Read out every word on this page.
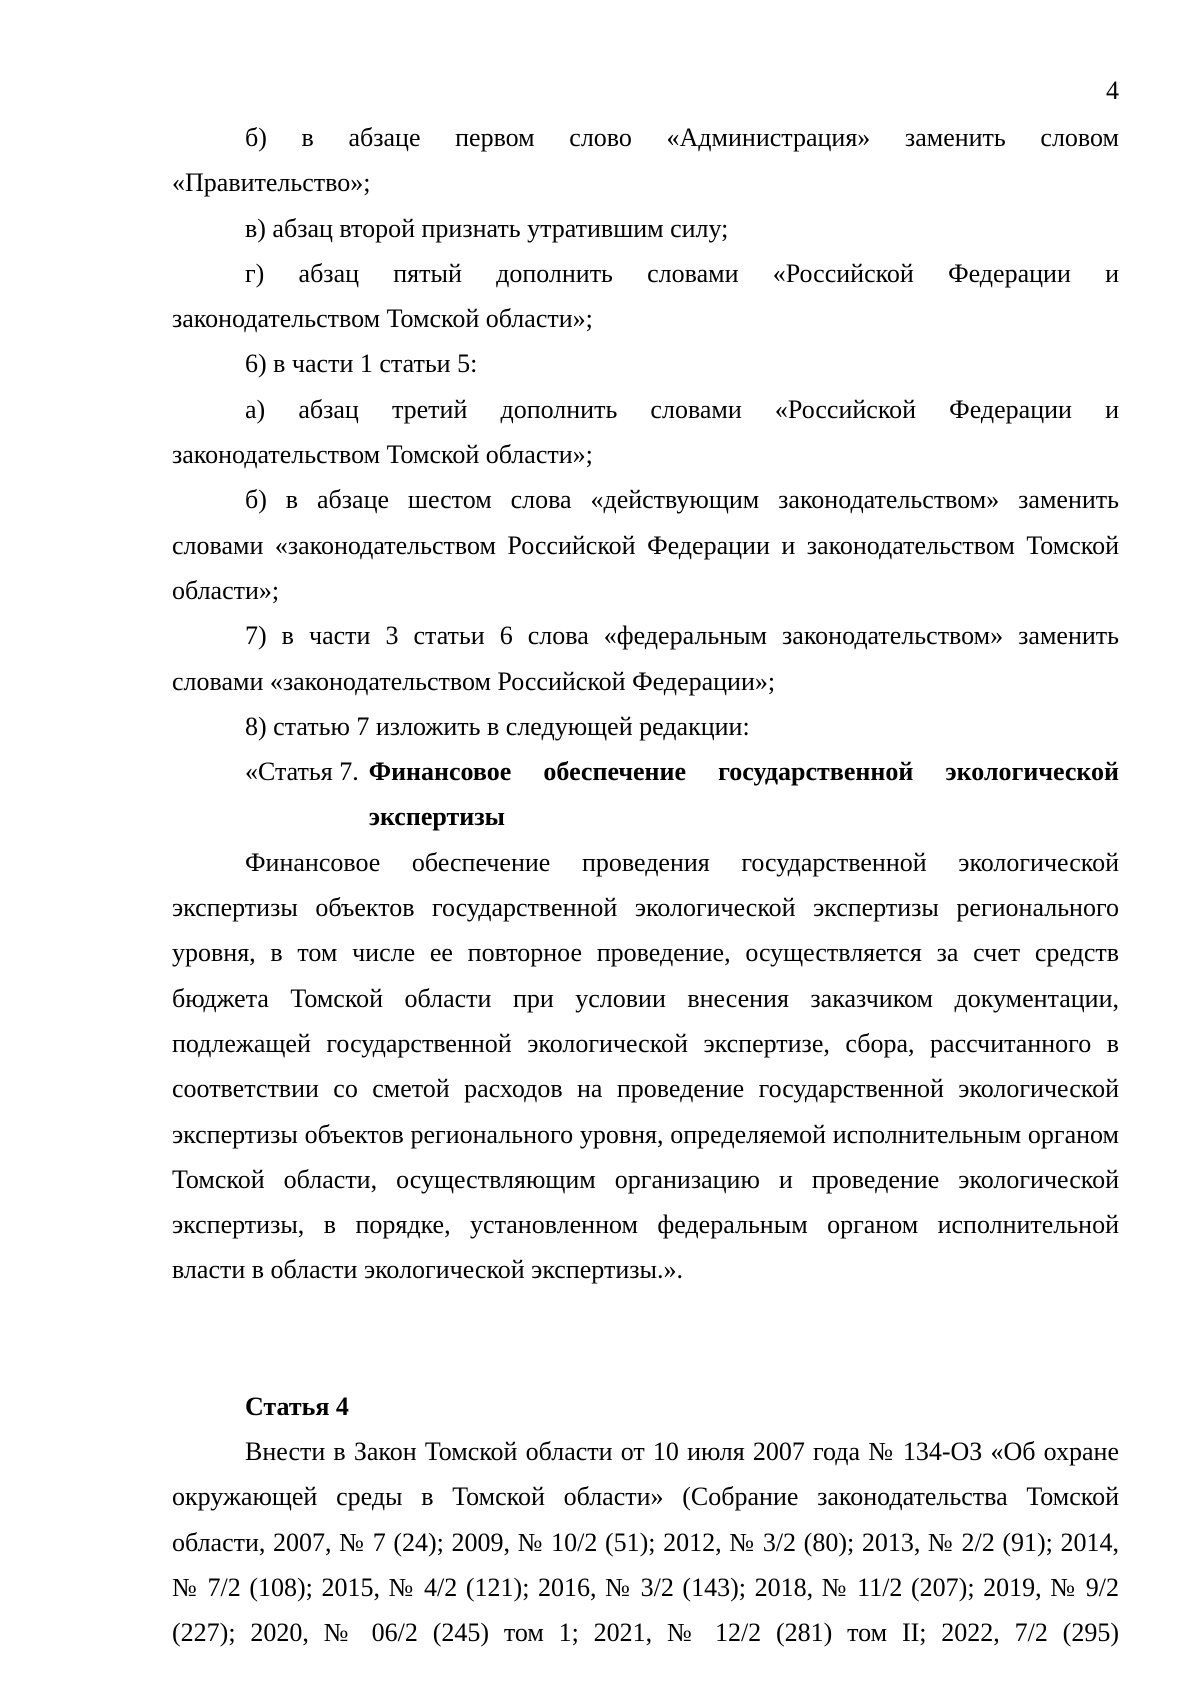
4

б) в абзаце первом слово «Администрация» заменить словом «Правительство»;

в) абзац второй признать утратившим силу;

г) абзац пятый дополнить словами «Российской Федерации и законодательством Томской области»;

6) в части 1 статьи 5:

а) абзац третий дополнить словами «Российской Федерации и законодательством Томской области»;

б) в абзаце шестом слова «действующим законодательством» заменить словами «законодательством Российской Федерации и законодательством Томской области»;

7) в части 3 статьи 6 слова «федеральным законодательством» заменить словами «законодательством Российской Федерации»;

8) статью 7 изложить в следующей редакции:

«Статья 7. Финансовое обеспечение государственной экологической
экспертизы

Финансовое обеспечение проведения государственной экологической экспертизы объектов государственной экологической экспертизы регионального уровня, в том числе ее повторное проведение, осуществляется за счет средств бюджета Томской области при условии внесения заказчиком документации, подлежащей государственной экологической экспертизе, сбора, рассчитанного в соответствии со сметой расходов на проведение государственной экологической экспертизы объектов регионального уровня, определяемой исполнительным органом Томской области, осуществляющим организацию и проведение экологической экспертизы, в порядке, установленном федеральным органом исполнительной власти в области экологической экспертизы.».

Статья 4

Внести в Закон Томской области от 10 июля 2007 года № 134-ОЗ «Об охране окружающей среды в Томской области» (Собрание законодательства Томской области, 2007, № 7 (24); 2009, № 10/2 (51); 2012, № 3/2 (80); 2013, № 2/2 (91); 2014, № 7/2 (108); 2015, № 4/2 (121); 2016, № 3/2 (143); 2018, № 11/2 (207); 2019, № 9/2 (227); 2020, № 06/2 (245) том 1; 2021, № 12/2 (281) том II; 2022, 7/2 (295)
